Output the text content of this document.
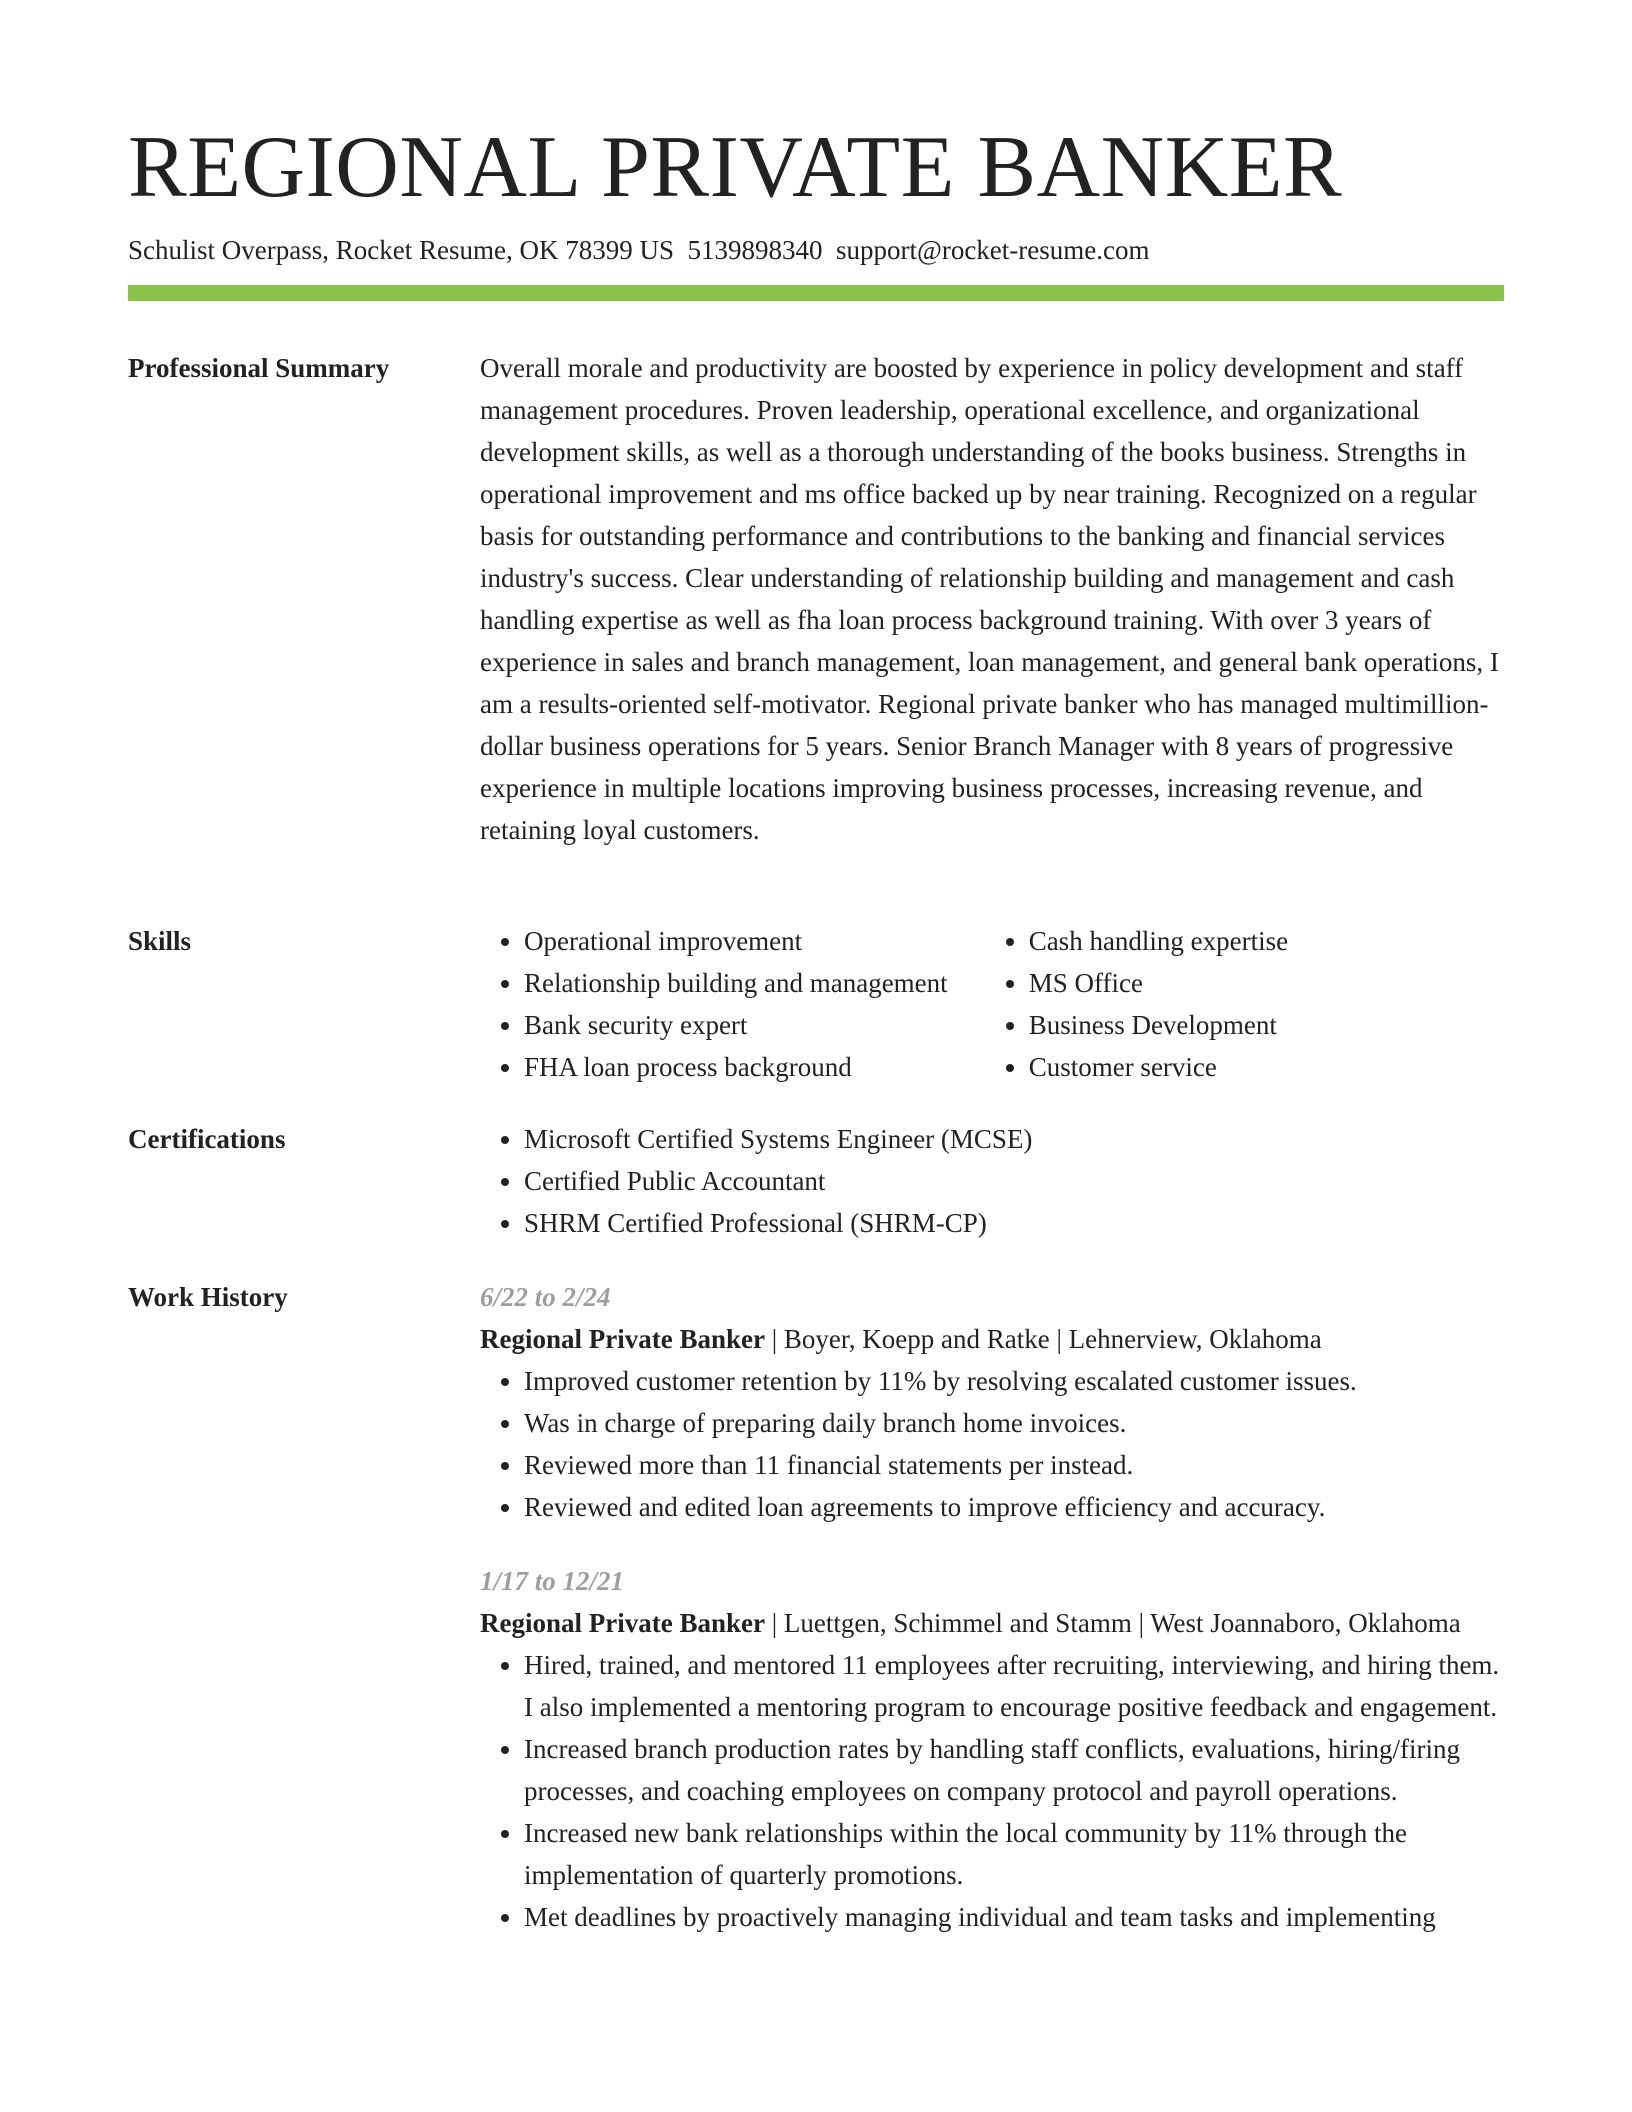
REGIONAL PRIVATE BANKER
Schulist Overpass, Rocket Resume, OK 78399 US 5139898340 support@rocket-resume.com
Professional Summary	Overall morale and productivity are boosted by experience in policy development and staff management procedures. Proven leadership, operational excellence, and organizational development skills, as well as a thorough understanding of the books business. Strengths in operational improvement and ms office backed up by near training. Recognized on a regular basis for outstanding performance and contributions to the banking and financial services industry's success. Clear understanding of relationship building and management and cash handling expertise as well as fha loan process background training. With over 3 years of experience in sales and branch management, loan management, and general bank operations, I am a results-oriented self-motivator. Regional private banker who has managed multimillion-dollar business operations for 5 years. Senior Branch Manager with 8 years of progressive experience in multiple locations improving business processes, increasing revenue, and retaining loyal customers.

Skills	• Operational improvement
• Relationship building and management
• Bank security expert
• FHA loan process background
• Cash handling expertise
• MS Office
• Business Development
• Customer service
Certifications	• Microsoft Certified Systems Engineer (MCSE)
• Certified Public Accountant
• SHRM Certified Professional (SHRM-CP)
Work History	6/22 to 2/24
Regional Private Banker | Boyer, Koepp and Ratke | Lehnerview, Oklahoma
• Improved customer retention by 11% by resolving escalated customer issues.
• Was in charge of preparing daily branch home invoices.
• Reviewed more than 11 financial statements per instead.
• Reviewed and edited loan agreements to improve efficiency and accuracy.
1/17 to 12/21
Regional Private Banker | Luettgen, Schimmel and Stamm | West Joannaboro, Oklahoma
• Hired, trained, and mentored 11 employees after recruiting, interviewing, and hiring them. I also implemented a mentoring program to encourage positive feedback and engagement.
• Increased branch production rates by handling staff conflicts, evaluations, hiring/firing processes, and coaching employees on company protocol and payroll operations.
• Increased new bank relationships within the local community by 11% through the implementation of quarterly promotions.
• Met deadlines by proactively managing individual and team tasks and implementing
